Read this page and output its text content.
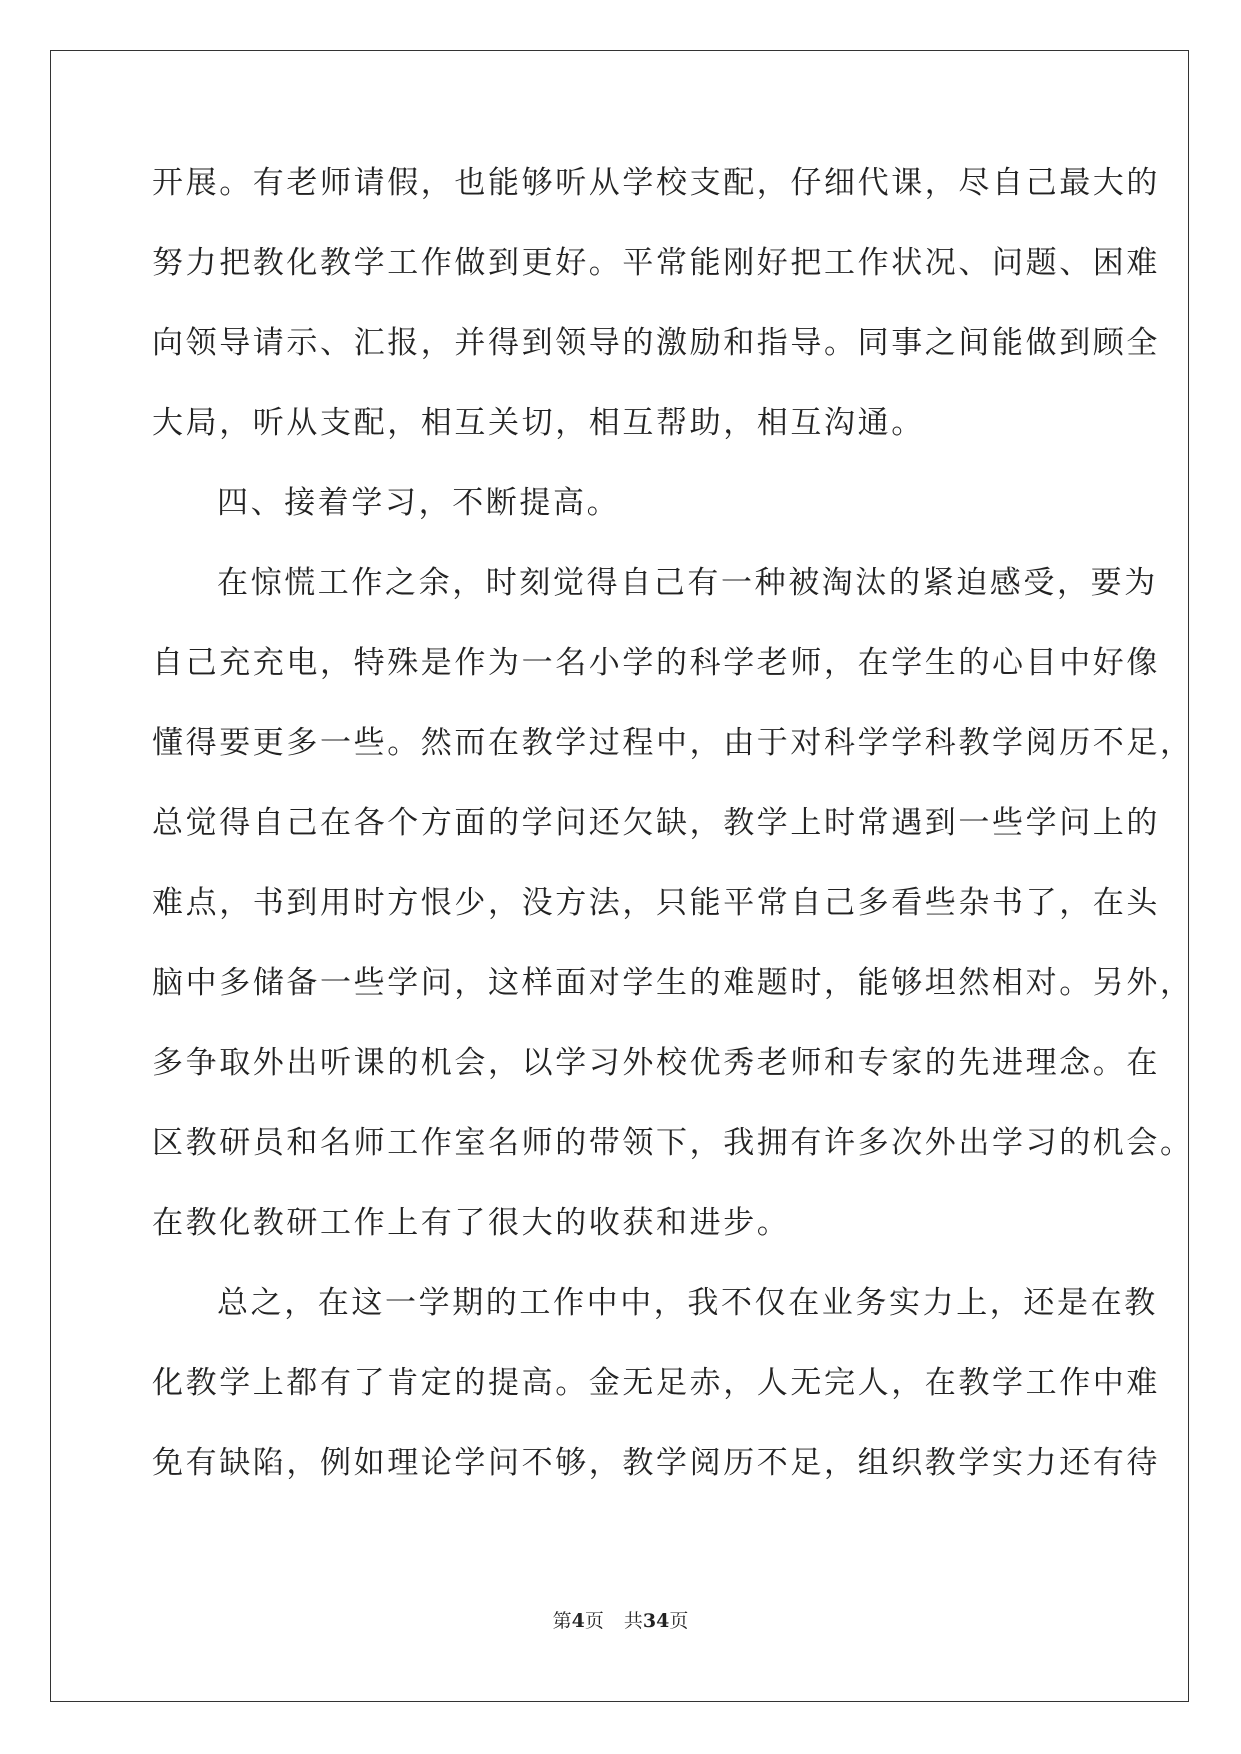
开展。有老师请假，也能够听从学校支配，仔细代课，尽自己最大的
努力把教化教学工作做到更好。平常能刚好把工作状况、问题、困难
向领导请示、汇报，并得到领导的激励和指导。同事之间能做到顾全
大局，听从支配，相互关切，相互帮助，相互沟通。
四、接着学习，不断提高。
在惊慌工作之余，时刻觉得自己有一种被淘汰的紧迫感受，要为
自己充充电，特殊是作为一名小学的科学老师，在学生的心目中好像
懂得要更多一些。然而在教学过程中，由于对科学学科教学阅历不足，
总觉得自己在各个方面的学问还欠缺，教学上时常遇到一些学问上的
难点，书到用时方恨少，没方法，只能平常自己多看些杂书了，在头
脑中多储备一些学问，这样面对学生的难题时，能够坦然相对。另外，
多争取外出听课的机会，以学习外校优秀老师和专家的先进理念。在
区教研员和名师工作室名师的带领下，我拥有许多次外出学习的机会。
在教化教研工作上有了很大的收获和进步。
总之，在这一学期的工作中中，我不仅在业务实力上，还是在教
化教学上都有了肯定的提高。金无足赤，人无完人，在教学工作中难
免有缺陷，例如理论学问不够，教学阅历不足，组织教学实力还有待
第4页 共34页
